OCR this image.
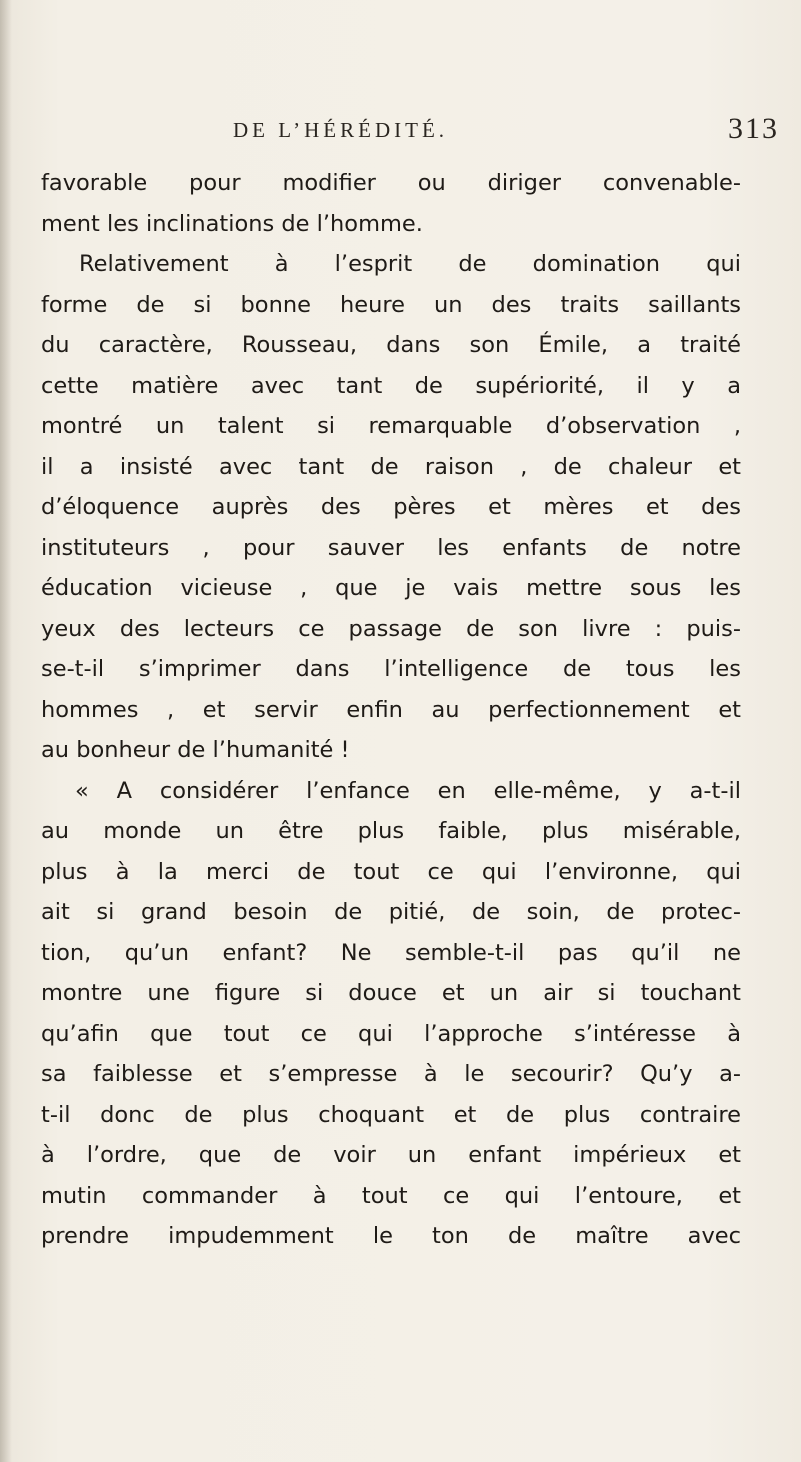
DE L’HÉRÉDITÉ.	313
favorable pour modifier ou diriger convenable-
ment les inclinations de l’homme.
Relativement à l’esprit de domination qui
forme de si bonne heure un des traits saillants
du caractère, Rousseau, dans son Émile, a traité
cette matière avec tant de supériorité, il y a
montré un talent si remarquable d’observation ,
il a insisté avec tant de raison , de chaleur et
d’éloquence auprès des pères et mères et des
instituteurs , pour sauver les enfants de notre
éducation vicieuse , que je vais mettre sous les
yeux des lecteurs ce passage de son livre : puis-
se-t-il s’imprimer dans l’intelligence de tous les
hommes , et servir enfin au perfectionnement et
au bonheur de l’humanité !
« A considérer l’enfance en elle-même, y a-t-il
au monde un être plus faible, plus misérable,
plus à la merci de tout ce qui l’environne, qui
ait si grand besoin de pitié, de soin, de protec-
tion, qu’un enfant? Ne semble-t-il pas qu’il ne
montre une figure si douce et un air si touchant
qu’afin que tout ce qui l’approche s’intéresse à
sa faiblesse et s’empresse à le secourir? Qu’y a-
t-il donc de plus choquant et de plus contraire
à l’ordre, que de voir un enfant impérieux et
mutin commander à tout ce qui l’entoure, et
prendre impudemment le ton de maître avec
